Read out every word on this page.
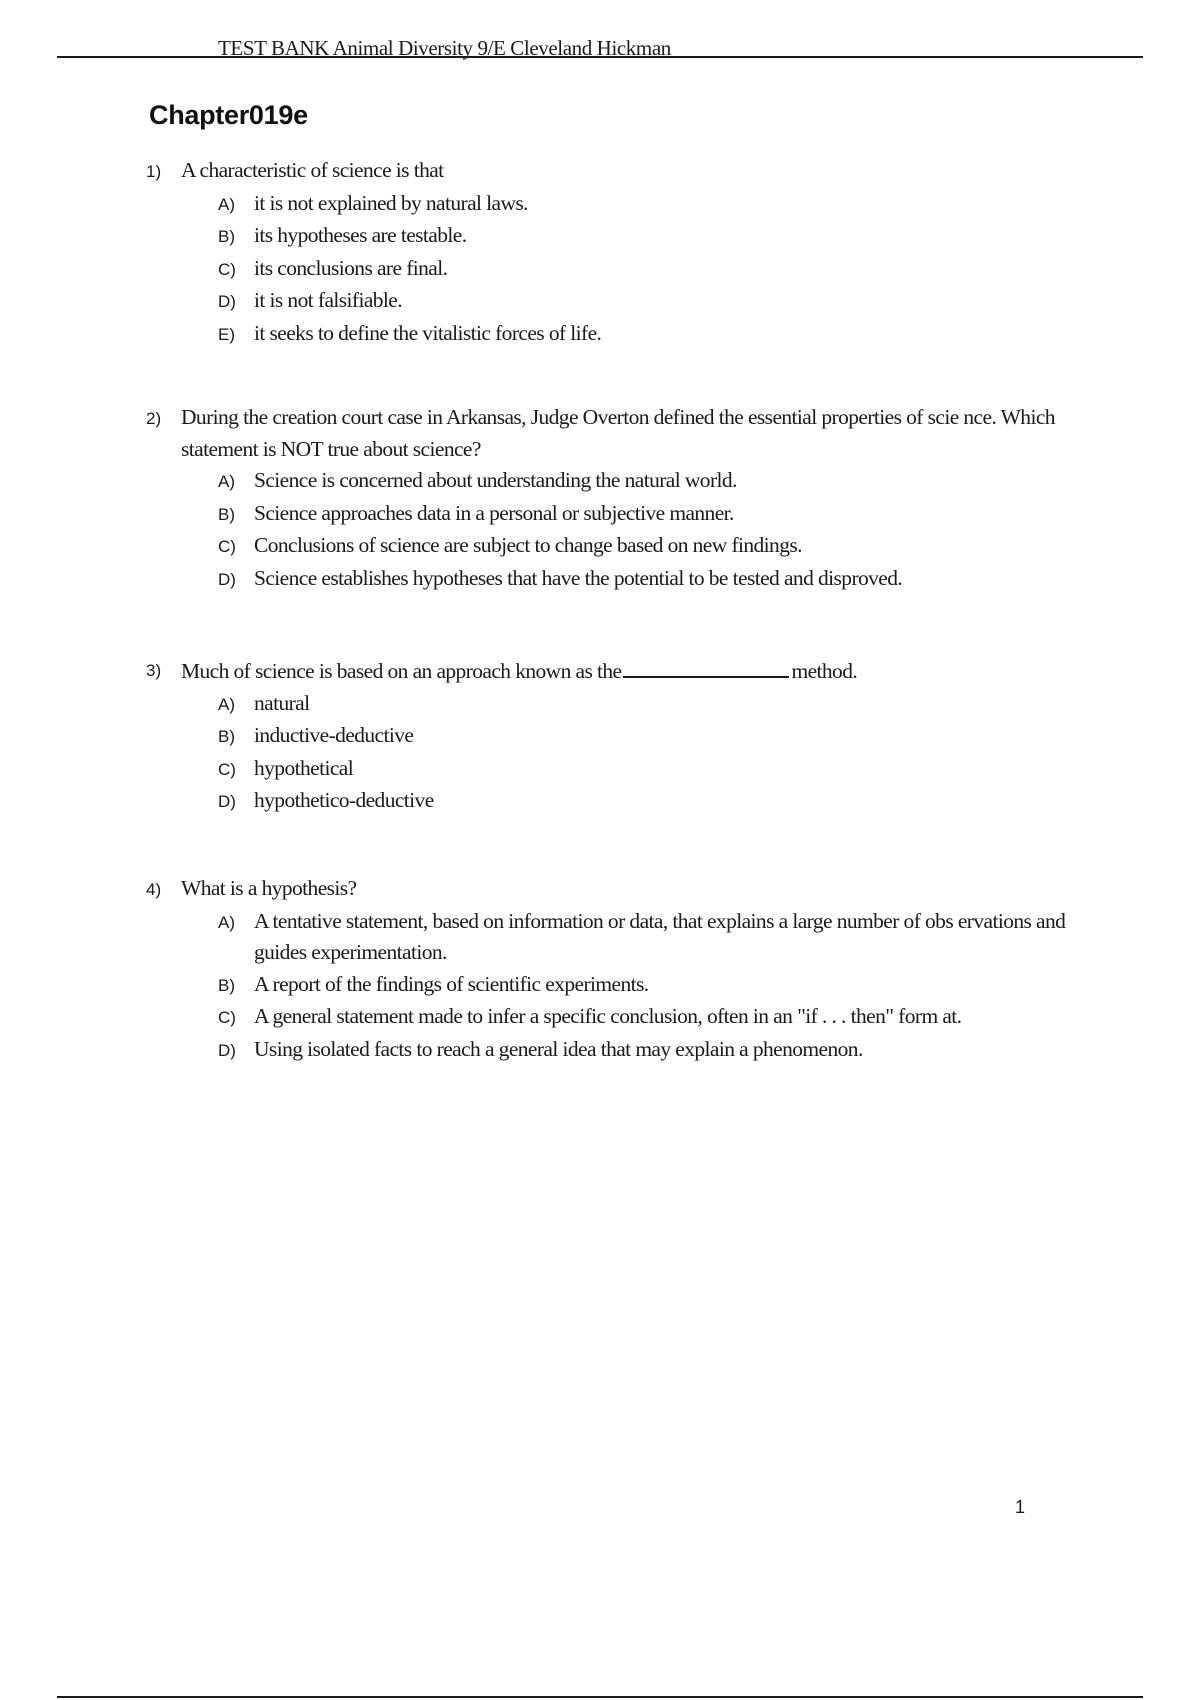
TEST BANK Animal Diversity 9/E Cleveland Hickman
Chapter019e
1) A characteristic of science is that
A) it is not explained by natural laws.
B) its hypotheses are testable.
C) its conclusions are final.
D) it is not falsifiable.
E) it seeks to define the vitalistic forces of life.
2) During the creation court case in Arkansas, Judge Overton defined the essential properties of scie nce. Which statement is NOT true about science?
A) Science is concerned about understanding the natural world.
B) Science approaches data in a personal or subjective manner.
C) Conclusions of science are subject to change based on new findings.
D) Science establishes hypotheses that have the potential to be tested and disproved.
3) Much of science is based on an approach known as the	method.
A) natural
B) inductive-deductive
C) hypothetical
D) hypothetico-deductive
4) What is a hypothesis?
A) A tentative statement, based on information or data, that explains a large number of obs ervations and guides experimentation.
B) A report of the findings of scientific experiments.
C) A general statement made to infer a specific conclusion, often in an "if . . . then" form at.
D) Using isolated facts to reach a general idea that may explain a phenomenon.
1
